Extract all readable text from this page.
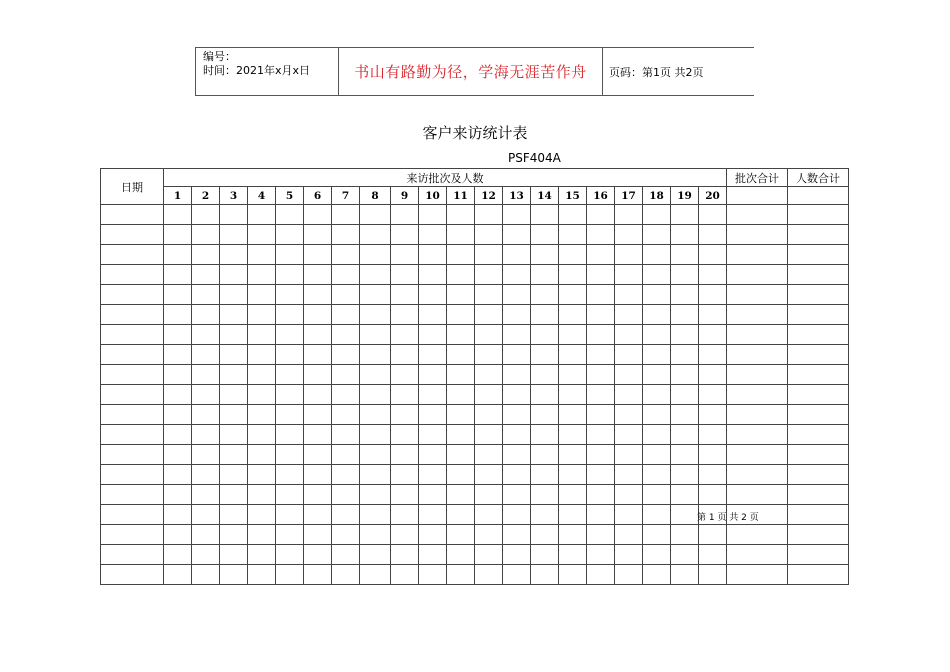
编号：
时间：2021年x月x日	书山有路勤为径，学海无涯苦作舟	页码：第1页 共2页
客户来访统计表
PSF404A
日期	来访批次及人数																				批次合计	人数合计
	1	2	3	4	5	6	7	8	9	10	11	12	13	14	15	16	17	18	19	20		

第 1 页 共 2 页
